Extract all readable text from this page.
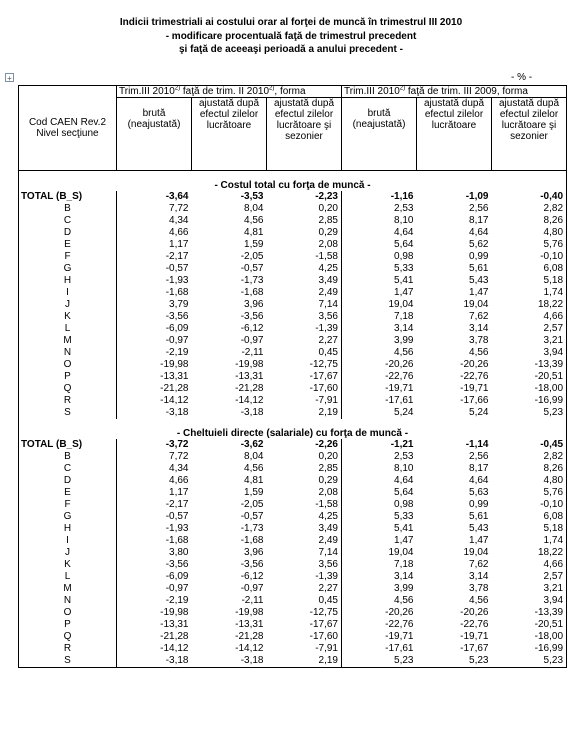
Indicii trimestriali ai costului orar al forţei de muncă în trimestrul III 2010
- modificare procentuală faţă de trimestrul precedent
şi faţă de aceeaşi perioadă a anului precedent -
+	- % -
Cod CAEN Rev.2
Nivel secţiune	Trim.III 2010$^{2)}$ faţă de trim. II 2010$^{2)}$, forma			Trim.III 2010$^{2)}$ faţă de trim. III 2009, forma		
	brută (neajustată)	ajustată după efectul zilelor lucrătoare	ajustată după efectul zilelor lucrătoare şi sezonier	brută (neajustată)	ajustată după efectul zilelor lucrătoare	ajustată după efectul zilelor lucrătoare şi sezonier
- Costul total cu forţa de muncă -						
TOTAL (B_S)	-3,64	-3,53	-2,23	-1,16	-1,09	-0,40
B	7,72	8,04	0,20	2,53	2,56	2,82
C	4,34	4,56	2,85	8,10	8,17	8,26
D	4,66	4,81	0,29	4,64	4,64	4,80
E	1,17	1,59	2,08	5,64	5,62	5,76
F	-2,17	-2,05	-1,58	0,98	0,99	-0,10
G	-0,57	-0,57	4,25	5,33	5,61	6,08
H	-1,93	-1,73	3,49	5,41	5,43	5,18
I	-1,68	-1,68	2,49	1,47	1,47	1,74
J	3,79	3,96	7,14	19,04	19,04	18,22
K	-3,56	-3,56	3,56	7,18	7,62	4,66
L	-6,09	-6,12	-1,39	3,14	3,14	2,57
M	-0,97	-0,97	2,27	3,99	3,78	3,21
N	-2,19	-2,11	0,45	4,56	4,56	3,94
O	-19,98	-19,98	-12,75	-20,26	-20,26	-13,39
P	-13,31	-13,31	-17,67	-22,76	-22,76	-20,51
Q	-21,28	-21,28	-17,60	-19,71	-19,71	-18,00
R	-14,12	-14,12	-7,91	-17,61	-17,66	-16,99
S	-3,18	-3,18	2,19	5,24	5,24	5,23
- Cheltuieli directe (salariale) cu forţa de muncă -						
TOTAL (B_S)	-3,72	-3,62	-2,26	-1,21	-1,14	-0,45
B	7,72	8,04	0,20	2,53	2,56	2,82
C	4,34	4,56	2,85	8,10	8,17	8,26
D	4,66	4,81	0,29	4,64	4,64	4,80
E	1,17	1,59	2,08	5,64	5,63	5,76
F	-2,17	-2,05	-1,58	0,98	0,99	-0,10
G	-0,57	-0,57	4,25	5,33	5,61	6,08
H	-1,93	-1,73	3,49	5,41	5,43	5,18
I	-1,68	-1,68	2,49	1,47	1,47	1,74
J	3,80	3,96	7,14	19,04	19,04	18,22
K	-3,56	-3,56	3,56	7,18	7,62	4,66
L	-6,09	-6,12	-1,39	3,14	3,14	2,57
M	-0,97	-0,97	2,27	3,99	3,78	3,21
N	-2,19	-2,11	0,45	4,56	4,56	3,94
O	-19,98	-19,98	-12,75	-20,26	-20,26	-13,39
P	-13,31	-13,31	-17,67	-22,76	-22,76	-20,51
Q	-21,28	-21,28	-17,60	-19,71	-19,71	-18,00
R	-14,12	-14,12	-7,91	-17,61	-17,67	-16,99
S	-3,18	-3,18	2,19	5,23	5,23	5,23
